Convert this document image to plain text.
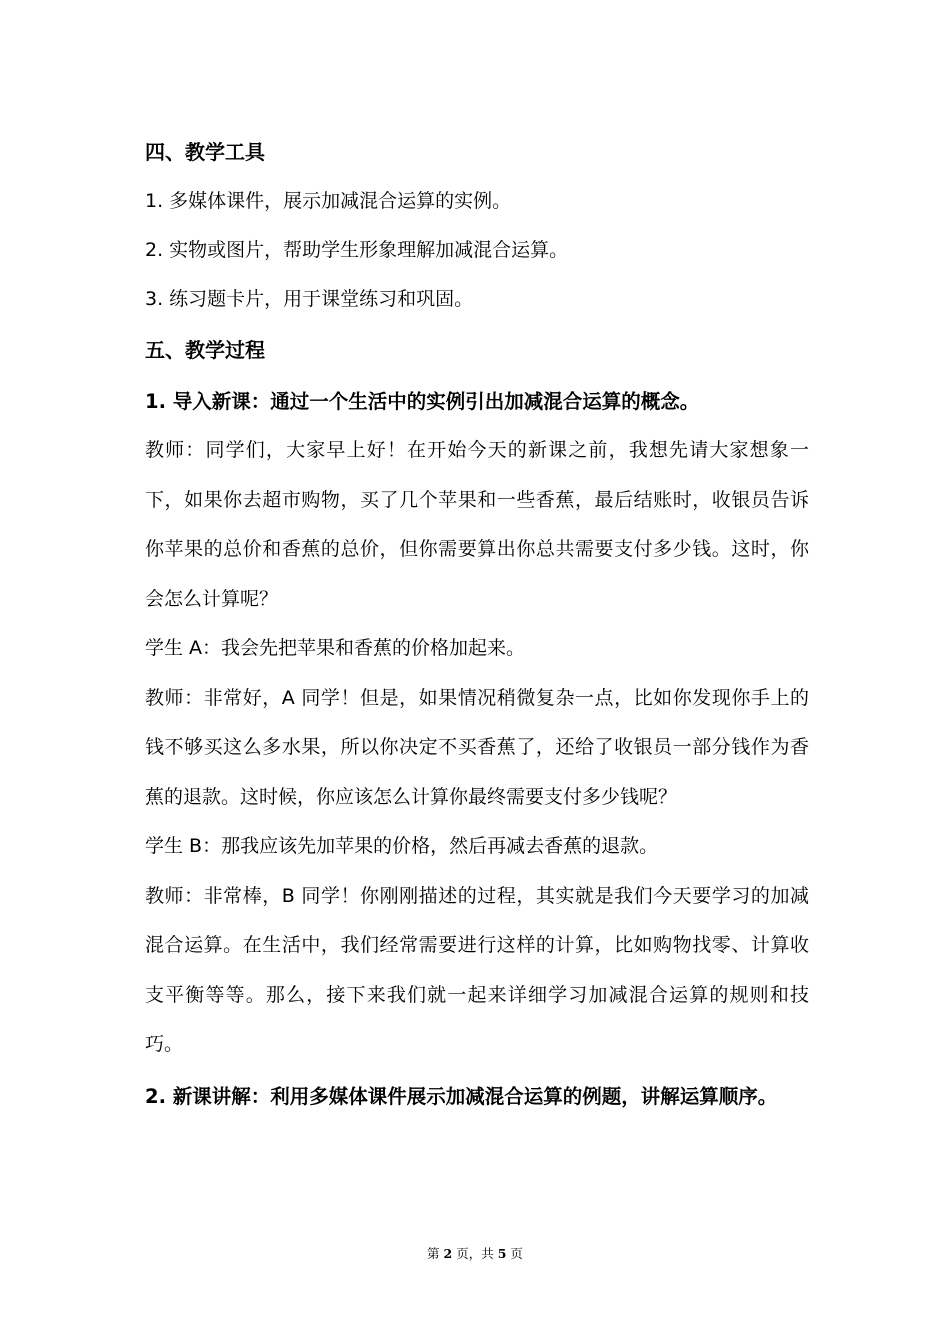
四、教学工具

1. 多媒体课件，展示加减混合运算的实例。

2. 实物或图片，帮助学生形象理解加减混合运算。

3. 练习题卡片，用于课堂练习和巩固。

五、教学过程

1. 导入新课：通过一个生活中的实例引出加减混合运算的概念。

教师：同学们，大家早上好！在开始今天的新课之前，我想先请大家想象一下，如果你去超市购物，买了几个苹果和一些香蕉，最后结账时，收银员告诉你苹果的总价和香蕉的总价，但你需要算出你总共需要支付多少钱。这时，你会怎么计算呢？

学生 A：我会先把苹果和香蕉的价格加起来。

教师：非常好，A 同学！但是，如果情况稍微复杂一点，比如你发现你手上的钱不够买这么多水果，所以你决定不买香蕉了，还给了收银员一部分钱作为香蕉的退款。这时候，你应该怎么计算你最终需要支付多少钱呢？

学生 B：那我应该先加苹果的价格，然后再减去香蕉的退款。

教师：非常棒，B 同学！你刚刚描述的过程，其实就是我们今天要学习的加减混合运算。在生活中，我们经常需要进行这样的计算，比如购物找零、计算收支平衡等等。那么，接下来我们就一起来详细学习加减混合运算的规则和技巧。

2. 新课讲解：利用多媒体课件展示加减混合运算的例题，讲解运算顺序。

第 2 页，共 5 页
